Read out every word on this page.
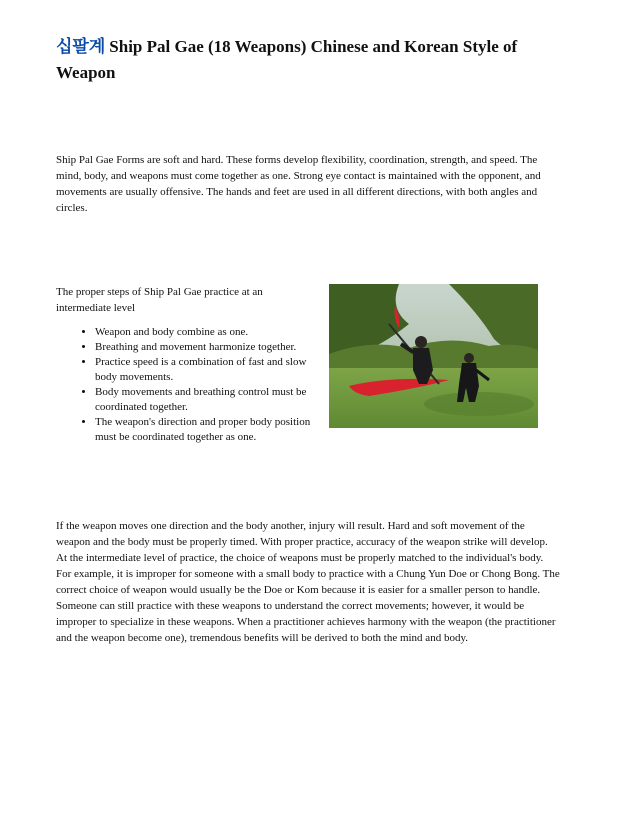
십팔계 Ship Pal Gae (18 Weapons) Chinese and Korean Style of Weapon

Ship Pal Gae Forms are soft and hard. These forms develop flexibility, coordination, strength, and speed. The mind, body, and weapons must come together as one. Strong eye contact is maintained with the opponent, and movements are usually offensive. The hands and feet are used in all different directions, with both angles and circles.

The proper steps of Ship Pal Gae practice at an intermediate level

• Weapon and body combine as one.
• Breathing and movement harmonize together.
• Practice speed is a combination of fast and slow body movements.
• Body movements and breathing control must be coordinated together.
• The weapon's direction and proper body position must be coordinated together as one.

If the weapon moves one direction and the body another, injury will result. Hard and soft movement of the weapon and the body must be properly timed. With proper practice, accuracy of the weapon strike will develop. At the intermediate level of practice, the choice of weapons must be properly matched to the individual's body. For example, it is improper for someone with a small body to practice with a Chung Yun Doe or Chong Bong. The correct choice of weapon would usually be the Doe or Kom because it is easier for a smaller person to handle. Someone can still practice with these weapons to understand the correct movements; however, it would be improper to specialize in these weapons. When a practitioner achieves harmony with the weapon (the practitioner and the weapon become one), tremendous benefits will be derived to both the mind and body.
